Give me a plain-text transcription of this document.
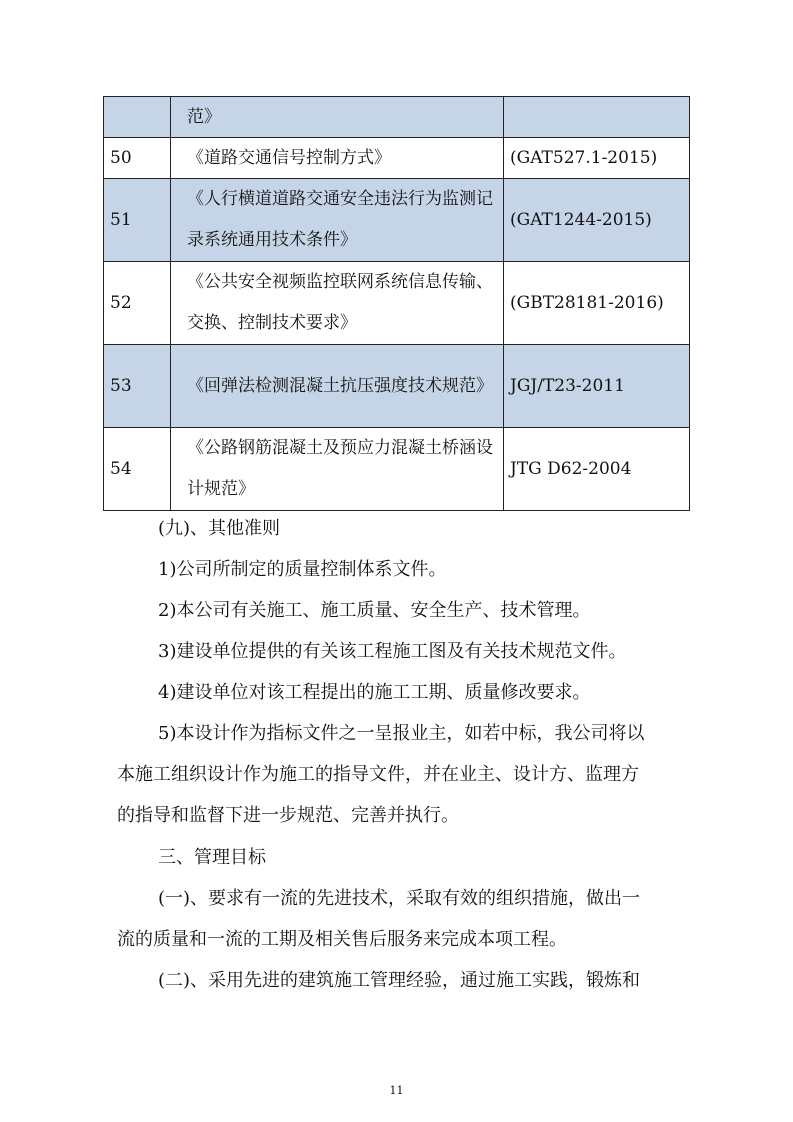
	范》	
50	《道路交通信号控制方式》	(GAT527.1-2015)
51	《人行横道道路交通安全违法行为监测记录系统通用技术条件》	(GAT1244-2015)
52	《公共安全视频监控联网系统信息传输、交换、控制技术要求》	(GBT28181-2016)
53	《回弹法检测混凝土抗压强度技术规范》	JGJ/T23-2011
54	《公路钢筋混凝土及预应力混凝土桥涵设计规范》	JTG D62-2004

(九)、其他准则

1)公司所制定的质量控制体系文件。

2)本公司有关施工、施工质量、安全生产、技术管理。

3)建设单位提供的有关该工程施工图及有关技术规范文件。

4)建设单位对该工程提出的施工工期、质量修改要求。

5)本设计作为指标文件之一呈报业主，如若中标，我公司将以

本施工组织设计作为施工的指导文件，并在业主、设计方、监理方

的指导和监督下进一步规范、完善并执行。

三、管理目标

(一)、要求有一流的先进技术，采取有效的组织措施，做出一

流的质量和一流的工期及相关售后服务来完成本项工程。

(二)、采用先进的建筑施工管理经验，通过施工实践，锻炼和

11
